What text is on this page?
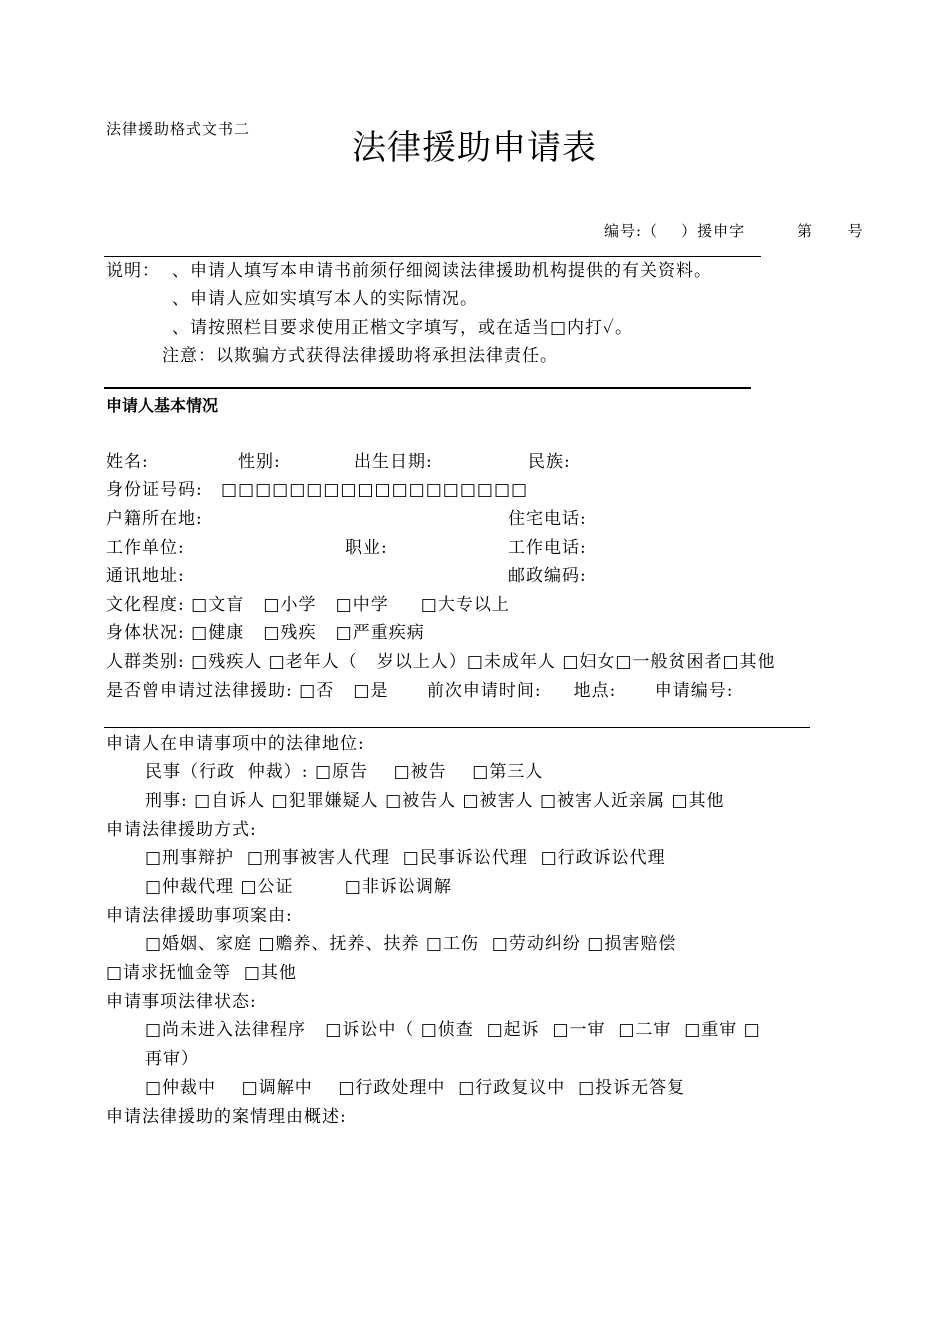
法律援助格式文书二	法律援助申请表
编号:（    ）援申字         第      号
说明： 、申请人填写本申请书前须仔细阅读法律援助机构提供的有关资料。
、申请人应如实填写本人的实际情况。
、请按照栏目要求使用正楷文字填写，或在适当□内打✓。
注意：以欺骗方式获得法律援助将承担法律责任。
申请人基本情况
姓名:	性别:	出生日期:	民族:
身份证号码: □□□□□□□□□□□□□□□□□□
户籍所在地:	住宅电话:
工作单位:	职业:	工作电话:
通讯地址:	邮政编码:
文化程度: □文盲   □小学   □中学     □大专以上
身体状况: □健康   □残疾   □严重疾病
人群类别: □残疾人 □老年人（   岁以上人）□未成年人 □妇女□一般贫困者□其他
是否曾申请过法律援助: □否   □是      前次申请时间:     地点:      申请编号:
申请人在申请事项中的法律地位:
民事（行政  仲裁）: □原告    □被告    □第三人
刑事: □自诉人 □犯罪嫌疑人 □被告人 □被害人 □被害人近亲属 □其他
申请法律援助方式:
□刑事辩护  □刑事被害人代理  □民事诉讼代理  □行政诉讼代理
□仲裁代理 □公证        □非诉讼调解
申请法律援助事项案由:
□婚姻、家庭 □赡养、抚养、扶养 □工伤  □劳动纠纷 □损害赔偿
□请求抚恤金等  □其他
申请事项法律状态:
□尚未进入法律程序   □诉讼中（ □侦查  □起诉  □一审  □二审  □重审 □
再审）
□仲裁中    □调解中    □行政处理中  □行政复议中  □投诉无答复
申请法律援助的案情理由概述:
